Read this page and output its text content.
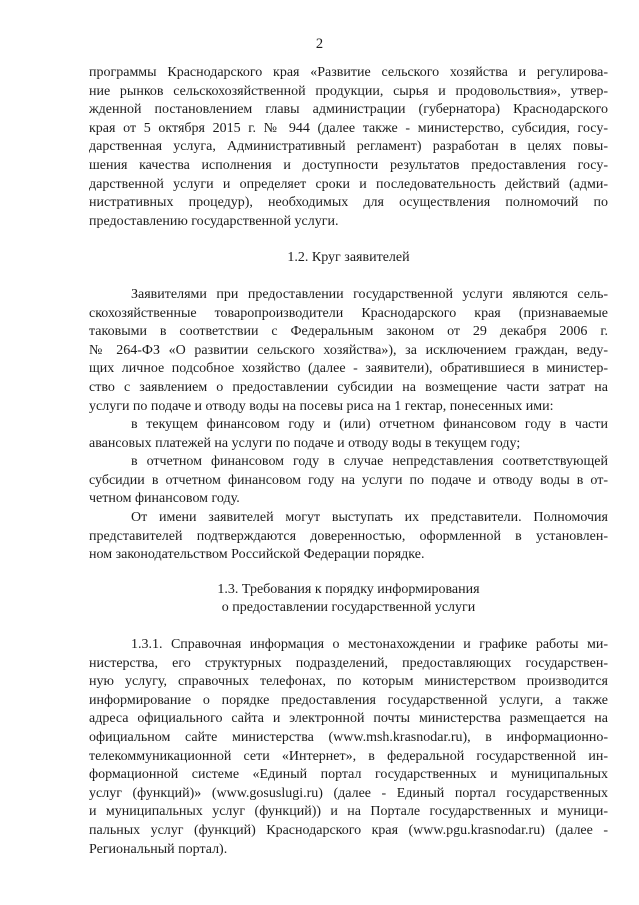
2
программы Краснодарского края «Развитие сельского хозяйства и регулирова-
ние рынков сельскохозяйственной продукции, сырья и продовольствия», утвер-
жденной постановлением главы администрации (губернатора) Краснодарского
края от 5 октября 2015 г. № 944 (далее также - министерство, субсидия, госу-
дарственная услуга, Административный регламент) разработан в целях повы-
шения качества исполнения и доступности результатов предоставления госу-
дарственной услуги и определяет сроки и последовательность действий (адми-
нистративных процедур), необходимых для осуществления полномочий по
предоставлению государственной услуги.
1.2. Круг заявителей
Заявителями при предоставлении государственной услуги являются сель-
скохозяйственные товаропроизводители Краснодарского края (признаваемые
таковыми в соответствии с Федеральным законом от 29 декабря 2006 г.
№ 264-ФЗ «О развитии сельского хозяйства»), за исключением граждан, веду-
щих личное подсобное хозяйство (далее - заявители), обратившиеся в министер-
ство с заявлением о предоставлении субсидии на возмещение части затрат на
услуги по подаче и отводу воды на посевы риса на 1 гектар, понесенных ими:
в текущем финансовом году и (или) отчетном финансовом году в части
авансовых платежей на услуги по подаче и отводу воды в текущем году;
в отчетном финансовом году в случае непредставления соответствующей
субсидии в отчетном финансовом году на услуги по подаче и отводу воды в от-
четном финансовом году.
От имени заявителей могут выступать их представители. Полномочия
представителей подтверждаются доверенностью, оформленной в установлен-
ном законодательством Российской Федерации порядке.
1.3. Требования к порядку информирования
о предоставлении государственной услуги
1.3.1. Справочная информация о местонахождении и графике работы ми-
нистерства, его структурных подразделений, предоставляющих государствен-
ную услугу, справочных телефонах, по которым министерством производится
информирование о порядке предоставления государственной услуги, а также
адреса официального сайта и электронной почты министерства размещается на
официальном сайте министерства (www.msh.krasnodar.ru), в информационно-
телекоммуникационной сети «Интернет», в федеральной государственной ин-
формационной системе «Единый портал государственных и муниципальных
услуг (функций)» (www.gosuslugi.ru) (далее - Единый портал государственных
и муниципальных услуг (функций)) и на Портале государственных и муници-
пальных услуг (функций) Краснодарского края (www.pgu.krasnodar.ru) (далее -
Региональный портал).
